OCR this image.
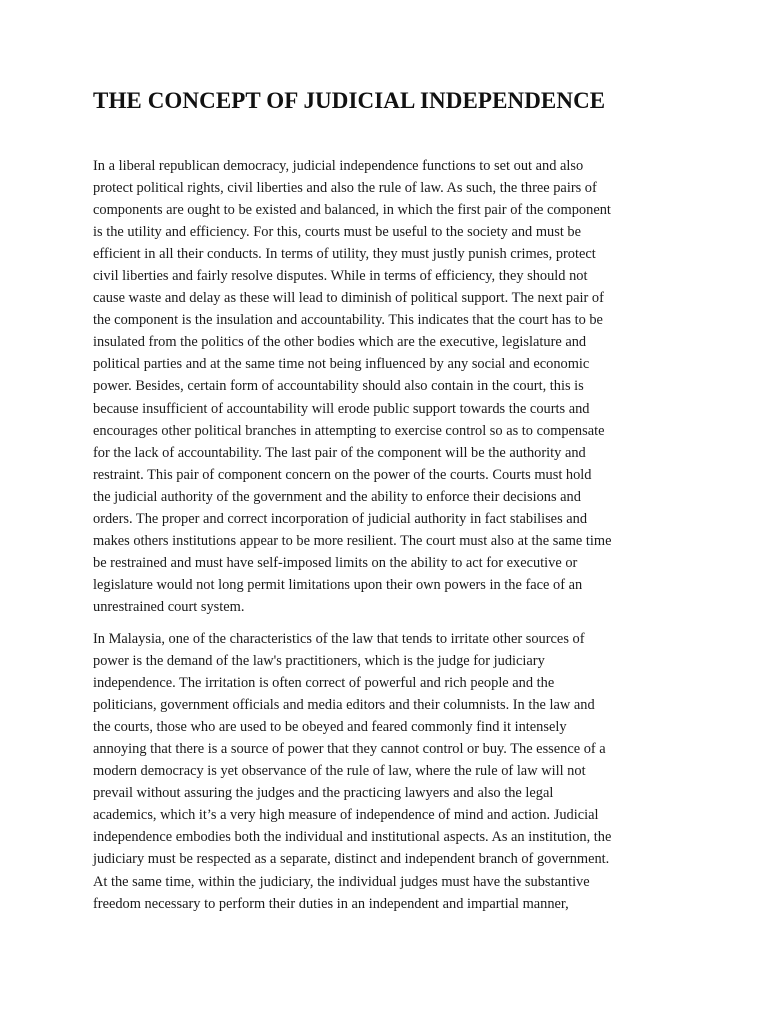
THE CONCEPT OF JUDICIAL INDEPENDENCE

In a liberal republican democracy, judicial independence functions to set out and also
protect political rights, civil liberties and also the rule of law. As such, the three pairs of
components are ought to be existed and balanced, in which the first pair of the component
is the utility and efficiency. For this, courts must be useful to the society and must be
efficient in all their conducts. In terms of utility, they must justly punish crimes, protect
civil liberties and fairly resolve disputes. While in terms of efficiency, they should not
cause waste and delay as these will lead to diminish of political support. The next pair of
the component is the insulation and accountability. This indicates that the court has to be
insulated from the politics of the other bodies which are the executive, legislature and
political parties and at the same time not being influenced by any social and economic
power. Besides, certain form of accountability should also contain in the court, this is
because insufficient of accountability will erode public support towards the courts and
encourages other political branches in attempting to exercise control so as to compensate
for the lack of accountability. The last pair of the component will be the authority and
restraint. This pair of component concern on the power of the courts. Courts must hold
the judicial authority of the government and the ability to enforce their decisions and
orders. The proper and correct incorporation of judicial authority in fact stabilises and
makes others institutions appear to be more resilient. The court must also at the same time
be restrained and must have self-imposed limits on the ability to act for executive or
legislature would not long permit limitations upon their own powers in the face of an
unrestrained court system.

In Malaysia, one of the characteristics of the law that tends to irritate other sources of
power is the demand of the law's practitioners, which is the judge for judiciary
independence. The irritation is often correct of powerful and rich people and the
politicians, government officials and media editors and their columnists. In the law and
the courts, those who are used to be obeyed and feared commonly find it intensely
annoying that there is a source of power that they cannot control or buy. The essence of a
modern democracy is yet observance of the rule of law, where the rule of law will not
prevail without assuring the judges and the practicing lawyers and also the legal
academics, which it’s a very high measure of independence of mind and action. Judicial
independence embodies both the individual and institutional aspects. As an institution, the
judiciary must be respected as a separate, distinct and independent branch of government.
At the same time, within the judiciary, the individual judges must have the substantive
freedom necessary to perform their duties in an independent and impartial manner,
